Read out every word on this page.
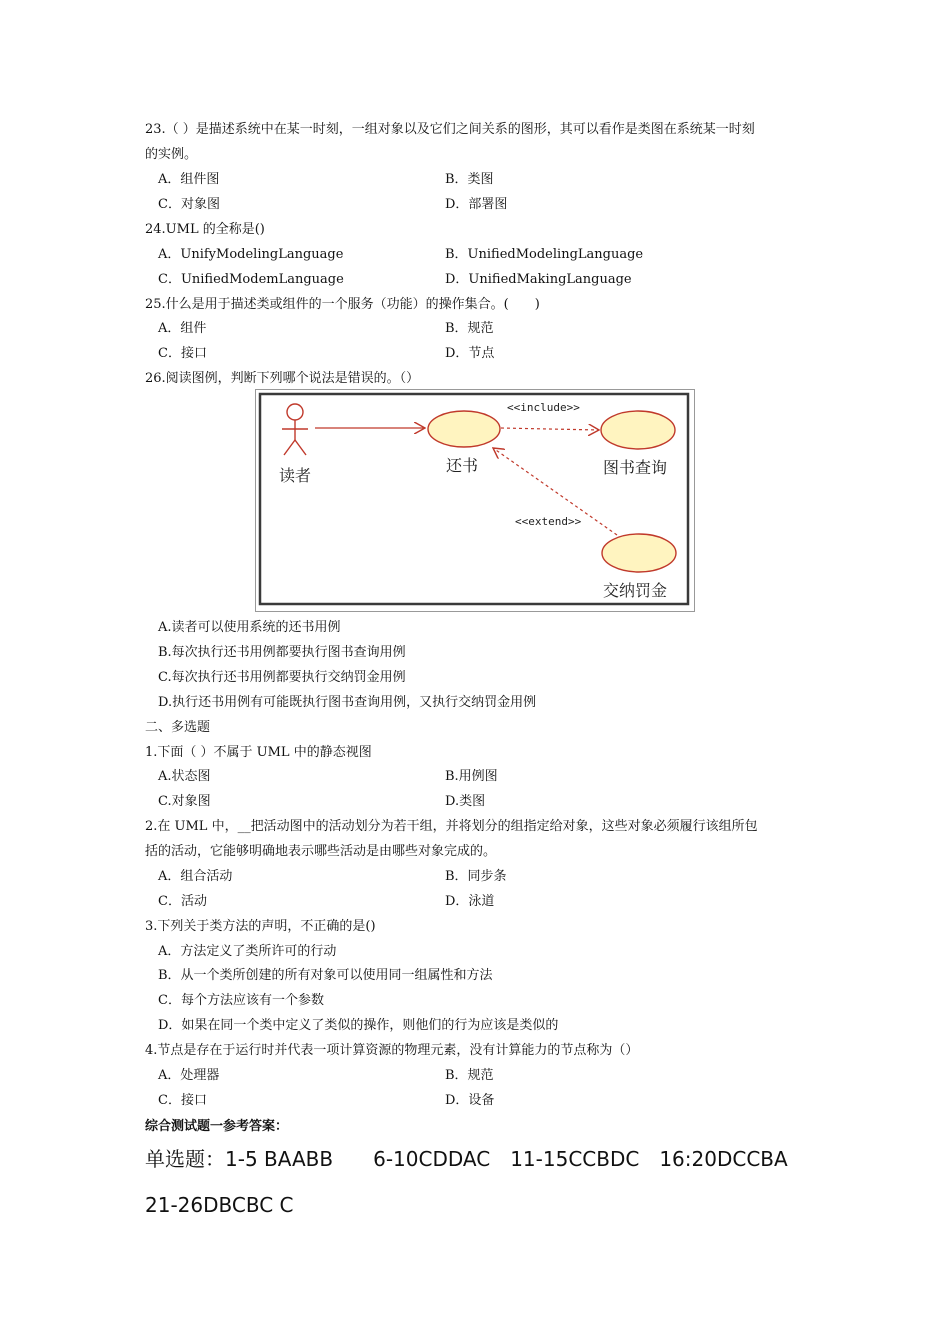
23.（ ）是描述系统中在某一时刻，一组对象以及它们之间关系的图形，其可以看作是类图在系统某一时刻
的实例。
A．组件图	B．类图
C．对象图	D．部署图
24.UML 的全称是()
A．UnifyModelingLanguage	B．UnifiedModelingLanguage
C．UnifiedModemLanguage	D．UnifiedMakingLanguage
25.什么是用于描述类或组件的一个服务（功能）的操作集合。(　　)
A．组件	B．规范
C．接口	D．节点
26.阅读图例，判断下列哪个说法是错误的。（）
读者
还书	图书查询
交纳罚金
<<include>>
<<extend>>
A.读者可以使用系统的还书用例
B.每次执行还书用例都要执行图书查询用例
C.每次执行还书用例都要执行交纳罚金用例
D.执行还书用例有可能既执行图书查询用例，又执行交纳罚金用例
二、多选题
1.下面（ ）不属于 UML 中的静态视图
A.状态图	B.用例图
C.对象图	D.类图
2.在 UML 中，__把活动图中的活动划分为若干组，并将划分的组指定给对象，这些对象必须履行该组所包
括的活动，它能够明确地表示哪些活动是由哪些对象完成的。
A．组合活动	B．同步条
C．活动	D．泳道
3.下列关于类方法的声明，不正确的是()
A．方法定义了类所许可的行动
B．从一个类所创建的所有对象可以使用同一组属性和方法
C．每个方法应该有一个参数
D．如果在同一个类中定义了类似的操作，则他们的行为应该是类似的
4.节点是存在于运行时并代表一项计算资源的物理元素，没有计算能力的节点称为（）
A．处理器	B．规范
C．接口	D．设备
综合测试题一参考答案：
单选题：1-5 BAABB　　6-10CDDAC　11-15CCBDC　16:20DCCBA
21-26DBCBC C
